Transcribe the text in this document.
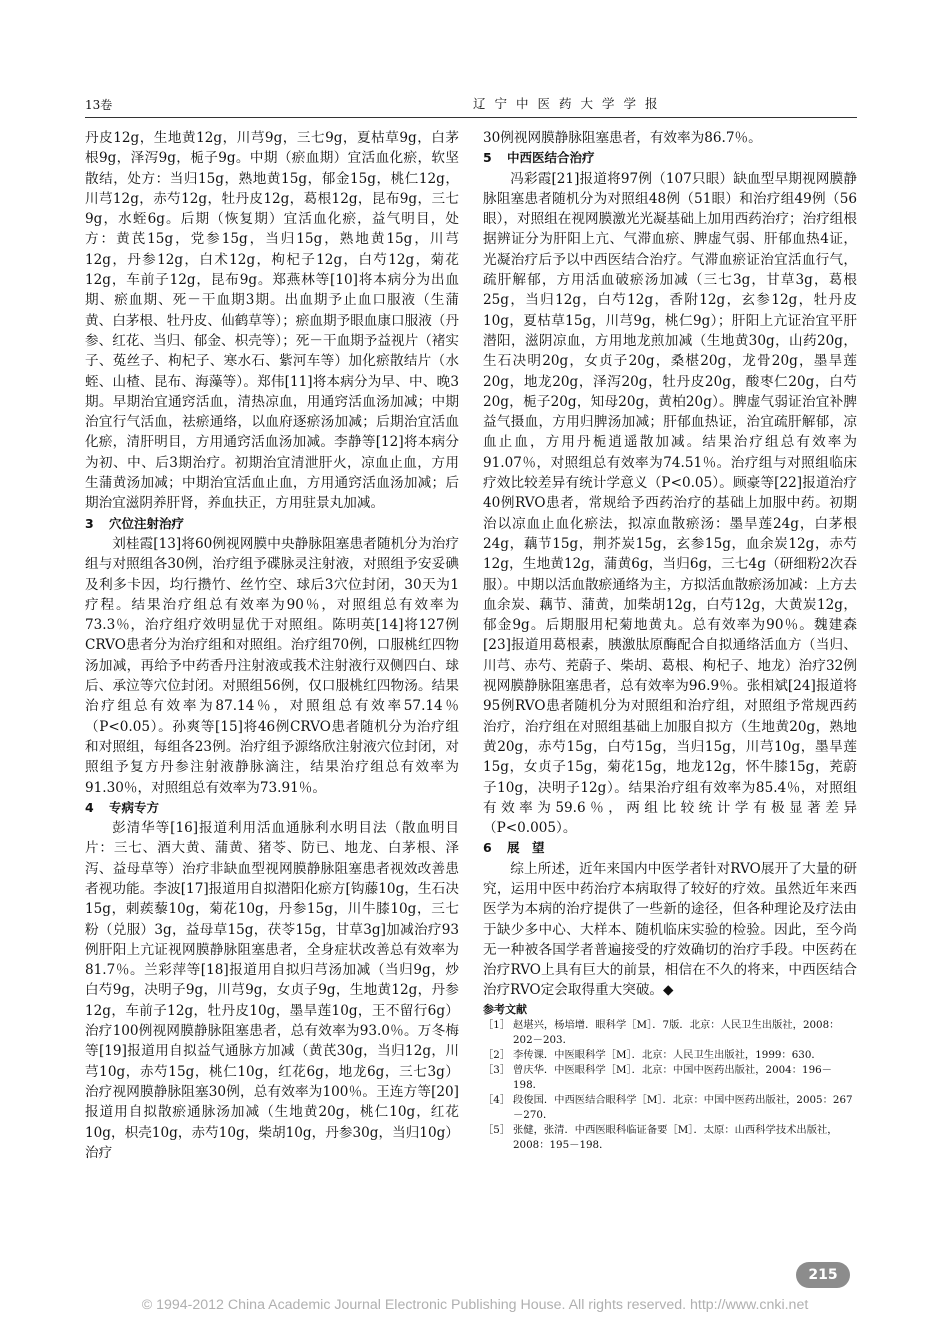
13卷	辽宁中医药大学学报

丹皮12g，生地黄12g，川芎9g，三七9g，夏枯草9g，白茅根9g，泽泻9g，栀子9g。中期（瘀血期）宜活血化瘀，软坚散结，处方：当归15g，熟地黄15g，郁金15g，桃仁12g，川芎12g，赤芍12g，牡丹皮12g，葛根12g，昆布9g，三七9g，水蛭6g。后期（恢复期）宜活血化瘀，益气明目，处方：黄芪15g，党参15g，当归15g，熟地黄15g，川芎12g，丹参12g，白术12g，枸杞子12g，白芍12g，菊花12g，车前子12g，昆布9g。郑燕林等[10]将本病分为出血期、瘀血期、死－干血期3期。出血期予止血口服液（生蒲黄、白茅根、牡丹皮、仙鹤草等）；瘀血期予眼血康口服液（丹参、红花、当归、郁金、枳壳等）；死－干血期予益视片（褚实子、菟丝子、枸杞子、寒水石、紫河车等）加化瘀散结片（水蛭、山楂、昆布、海藻等）。郑伟[11]将本病分为早、中、晚3期。早期治宜通窍活血，清热凉血，用通窍活血汤加减；中期治宜行气活血，祛瘀通络，以血府逐瘀汤加减；后期治宜活血化瘀，清肝明目，方用通窍活血汤加减。李静等[12]将本病分为初、中、后3期治疗。初期治宜清泄肝火，凉血止血，方用生蒲黄汤加减；中期治宜活血止血，方用通窍活血汤加减；后期治宜滋阴养肝肾，养血扶正，方用驻景丸加减。

3 穴位注射治疗

刘桂霞[13]将60例视网膜中央静脉阻塞患者随机分为治疗组与对照组各30例，治疗组予碟脉灵注射液，对照组予安妥碘及利多卡因，均行攒竹、丝竹空、球后3穴位封闭，30天为1疗程。结果治疗组总有效率为90％，对照组总有效率为73.3％，治疗组疗效明显优于对照组。陈明英[14]将127例CRVO患者分为治疗组和对照组。治疗组70例，口服桃红四物汤加减，再给予中药香丹注射液或莪术注射液行双侧四白、球后、承泣等穴位封闭。对照组56例，仅口服桃红四物汤。结果治疗组总有效率为87.14％，对照组总有效率57.14％（P<0.05）。孙爽等[15]将46例CRVO患者随机分为治疗组和对照组，每组各23例。治疗组予源络欣注射液穴位封闭，对照组予复方丹参注射液静脉滴注，结果治疗组总有效率为91.30％，对照组总有效率为73.91％。

4 专病专方

彭清华等[16]报道利用活血通脉利水明目法（散血明目片：三七、酒大黄、蒲黄、猪苓、防已、地龙、白茅根、泽泻、益母草等）治疗非缺血型视网膜静脉阻塞患者视效改善患者视功能。李波[17]报道用自拟潜阳化瘀方[钩藤10g，生石决15g，刺蒺藜10g，菊花10g，丹参15g，川牛膝10g，三七粉（兑服）3g，益母草15g，茯苓15g，甘草3g]加减治疗93例肝阳上亢证视网膜静脉阻塞患者，全身症状改善总有效率为81.7％。兰彩萍等[18]报道用自拟归芎汤加减（当归9g，炒白芍9g，决明子9g，川芎9g，女贞子9g，生地黄12g，丹参12g，车前子12g，牡丹皮10g，墨旱莲10g，王不留行6g）治疗100例视网膜静脉阻塞患者，总有效率为93.0％。万冬梅等[19]报道用自拟益气通脉方加减（黄芪30g，当归12g，川芎10g，赤芍15g，桃仁10g，红花6g，地龙6g，三七3g）治疗视网膜静脉阻塞30例，总有效率为100％。王连方等[20]报道用自拟散瘀通脉汤加减（生地黄20g，桃仁10g，红花10g，枳壳10g，赤芍10g，柴胡10g，丹参30g，当归10g）治疗

30例视网膜静脉阻塞患者，有效率为86.7％。

5 中西医结合治疗

冯彩霞[21]报道将97例（107只眼）缺血型早期视网膜静脉阻塞患者随机分为对照组48例（51眼）和治疗组49例（56眼），对照组在视网膜激光光凝基础上加用西药治疗；治疗组根据辨证分为肝阳上亢、气滞血瘀、脾虚气弱、肝郁血热4证，光凝治疗后予以中西医结合治疗。气滞血瘀证治宜活血行气，疏肝解郁，方用活血破瘀汤加减（三七3g，甘草3g，葛根25g，当归12g，白芍12g，香附12g，玄参12g，牡丹皮10g，夏枯草15g，川芎9g，桃仁9g）；肝阳上亢证治宜平肝潜阳，滋阴凉血，方用地龙煎加减（生地黄30g，山药20g，生石决明20g，女贞子20g，桑椹20g，龙骨20g，墨旱莲20g，地龙20g，泽泻20g，牡丹皮20g，酸枣仁20g，白芍20g，栀子20g，知母20g，黄柏20g）。脾虚气弱证治宜补脾益气摄血，方用归脾汤加减；肝郁血热证，治宜疏肝解郁，凉血止血，方用丹栀逍遥散加减。结果治疗组总有效率为91.07％，对照组总有效率为74.51％。治疗组与对照组临床疗效比较差异有统计学意义（P<0.05）。顾豪等[22]报道治疗40例RVO患者，常规给予西药治疗的基础上加服中药。初期治以凉血止血化瘀法，拟凉血散瘀汤：墨旱莲24g，白茅根24g，藕节15g，荆芥炭15g，玄参15g，血余炭12g，赤芍12g，生地黄12g，蒲黄6g，当归6g，三七4g（研细粉2次吞服）。中期以活血散瘀通络为主，方拟活血散瘀汤加减：上方去血余炭、藕节、蒲黄，加柴胡12g，白芍12g，大黄炭12g，郁金9g。后期服用杞菊地黄丸。总有效率为90％。魏建森[23]报道用葛根素，胰激肽原酶配合自拟通络活血方（当归、川芎、赤芍、茺蔚子、柴胡、葛根、枸杞子、地龙）治疗32例视网膜静脉阻塞患者，总有效率为96.9％。张相斌[24]报道将95例RVO患者随机分为对照组和治疗组，对照组予常规西药治疗，治疗组在对照组基础上加服自拟方（生地黄20g，熟地黄20g，赤芍15g，白芍15g，当归15g，川芎10g，墨旱莲15g，女贞子15g，菊花15g，地龙12g，怀牛膝15g，茺蔚子10g，决明子12g）。结果治疗组有效率为85.4％，对照组有效率为59.6％，两组比较统计学有极显著差异（P<0.005）。

6 展　望

综上所述，近年来国内中医学者针对RVO展开了大量的研究，运用中医中药治疗本病取得了较好的疗效。虽然近年来西医学为本病的治疗提供了一些新的途径，但各种理论及疗法由于缺少多中心、大样本、随机临床实验的检验。因此，至今尚无一种被各国学者普遍接受的疗效确切的治疗手段。中医药在治疗RVO上具有巨大的前景，相信在不久的将来，中西医结合治疗RVO定会取得重大突破。◆

参考文献
［1］ 赵堪兴，杨培增．眼科学［M］．7版．北京：人民卫生出版社，2008：202－203．
［2］ 李传课．中医眼科学［M］．北京：人民卫生出版社，1999：630．
［3］ 曾庆华．中医眼科学［M］．北京：中国中医药出版社，2004：196－198．
［4］ 段俊国．中西医结合眼科学［M］．北京：中国中医药出版社，2005：267－270．
［5］ 张健，张清．中西医眼科临证备要［M］．太原：山西科学技术出版社，2008：195－198．
215
© 1994-2012 China Academic Journal Electronic Publishing House. All rights reserved. http://www.cnki.net
